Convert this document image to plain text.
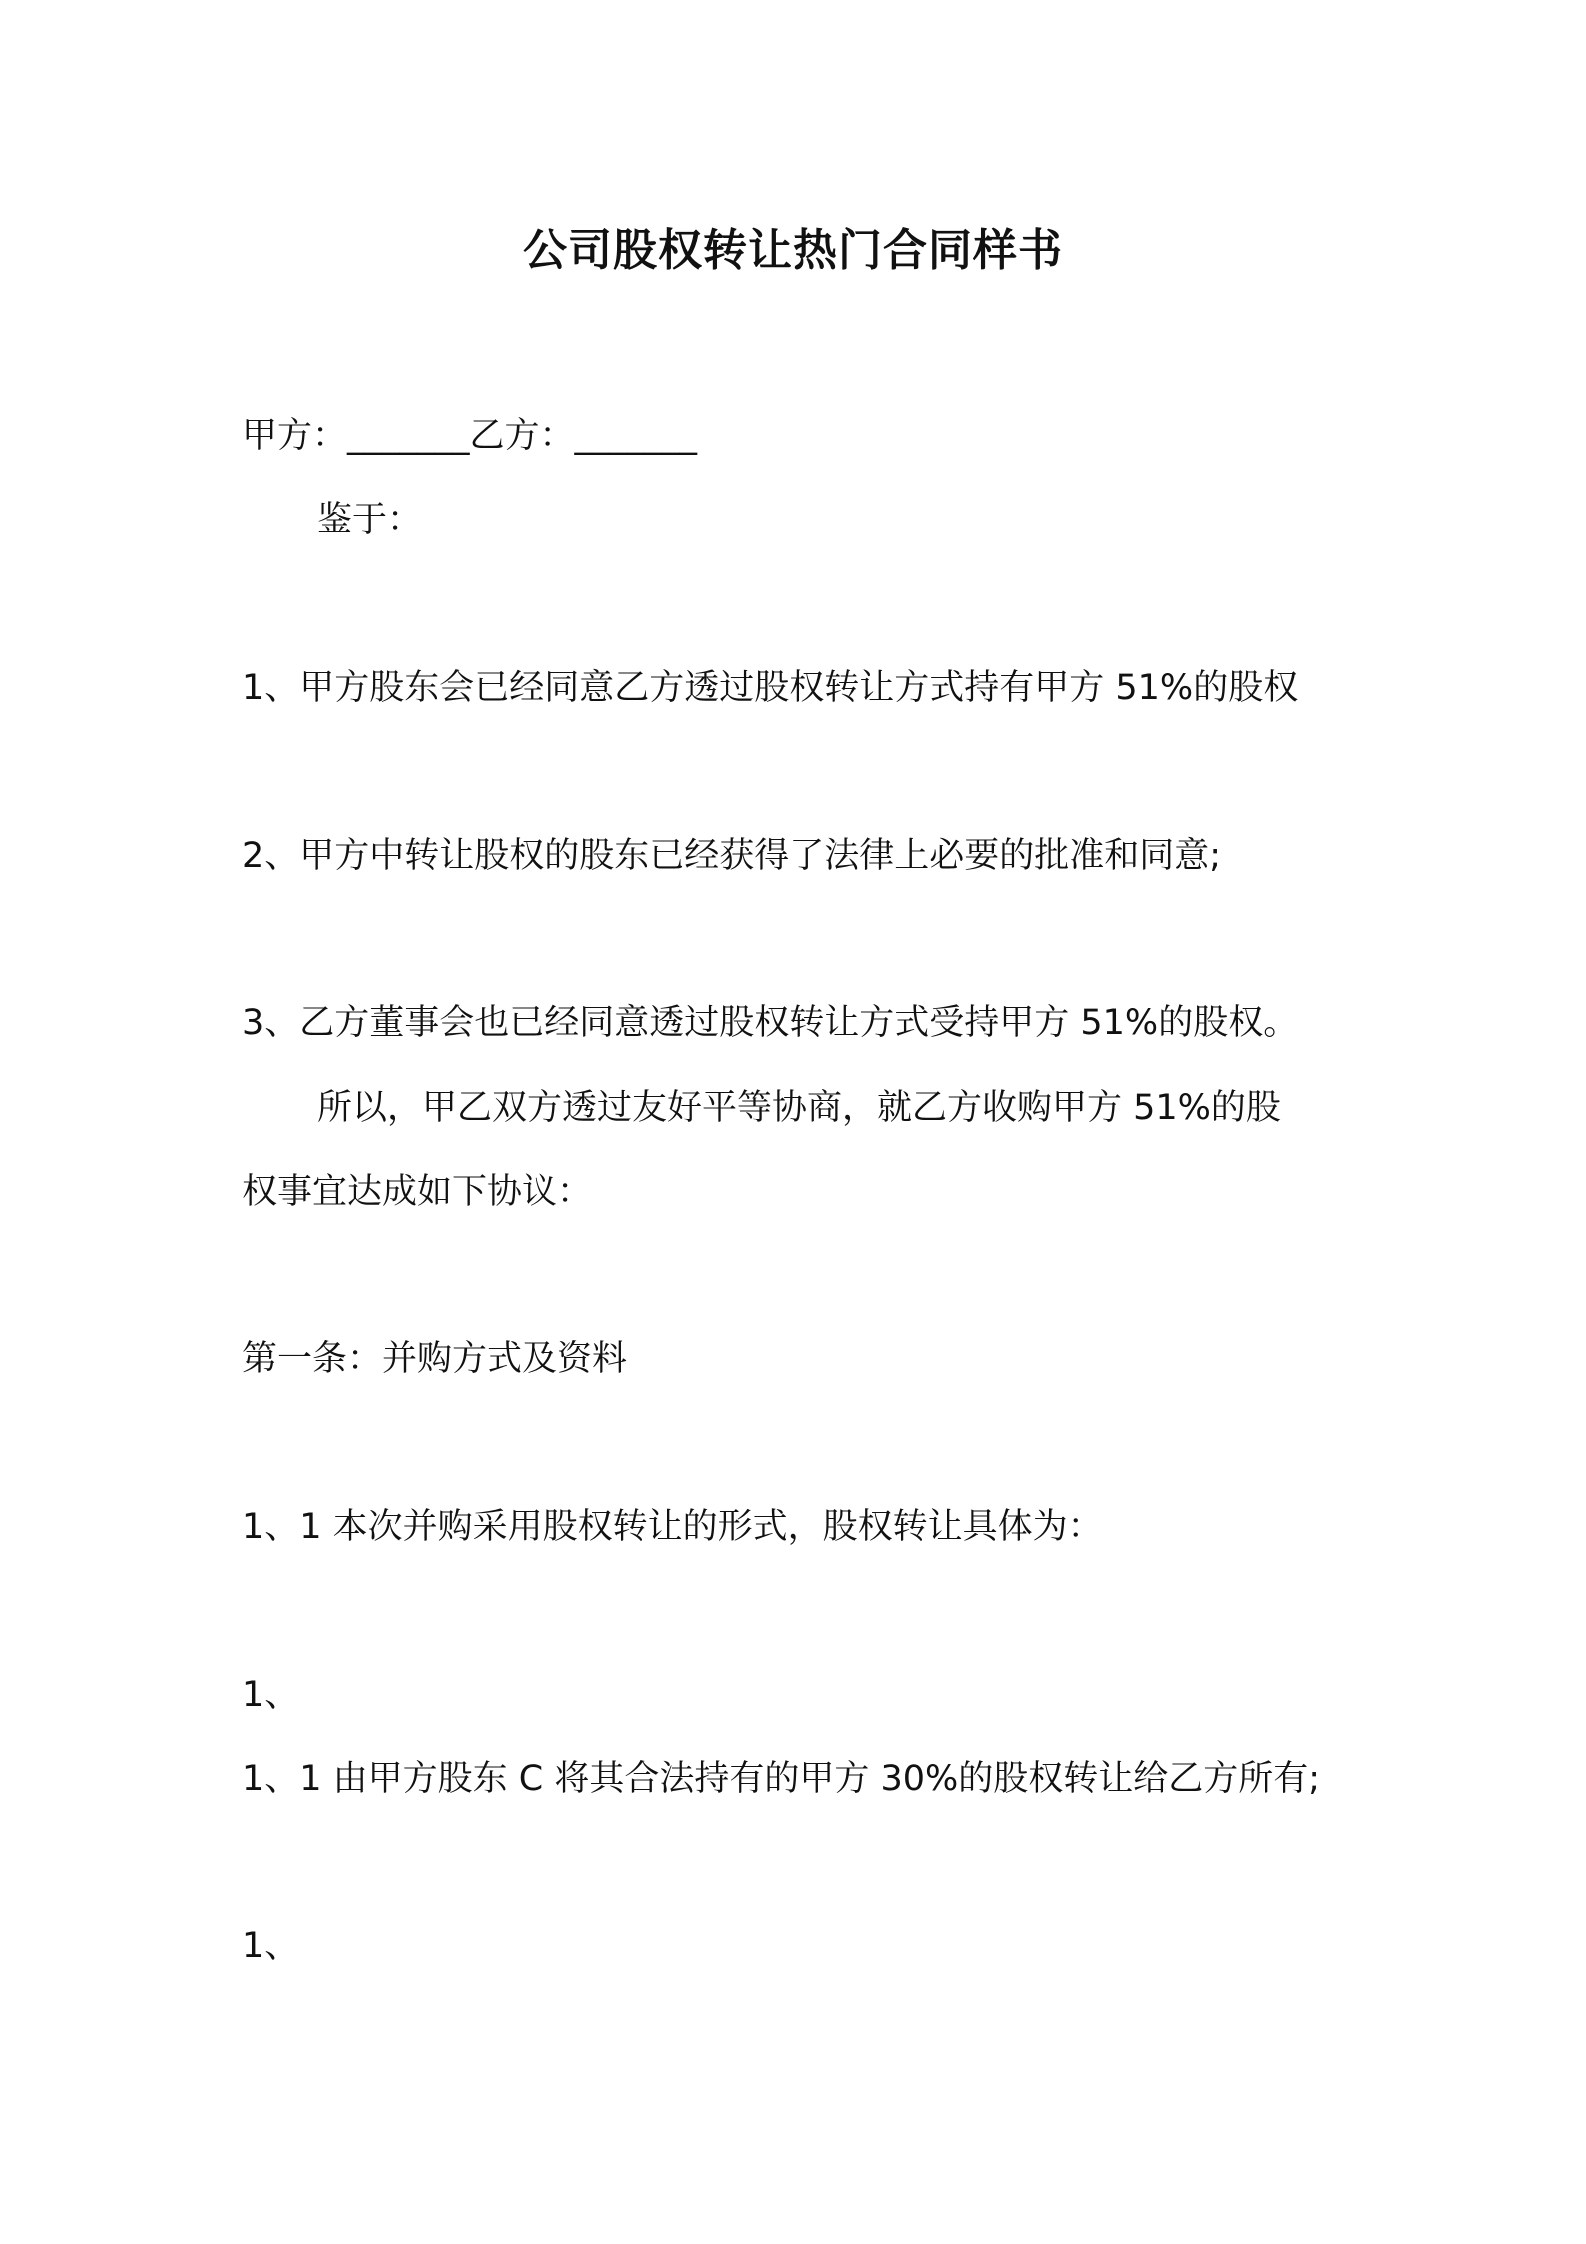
公司股权转让热门合同样书

甲方：_______乙方：_______

鉴于：

1、甲方股东会已经同意乙方透过股权转让方式持有甲方 51%的股权

2、甲方中转让股权的股东已经获得了法律上必要的批准和同意;

3、乙方董事会也已经同意透过股权转让方式受持甲方 51%的股权。

所以，甲乙双方透过友好平等协商，就乙方收购甲方 51%的股

权事宜达成如下协议：

第一条：并购方式及资料

1、1 本次并购采用股权转让的形式，股权转让具体为：

1、

1、1 由甲方股东 C 将其合法持有的甲方 30%的股权转让给乙方所有;

1、
